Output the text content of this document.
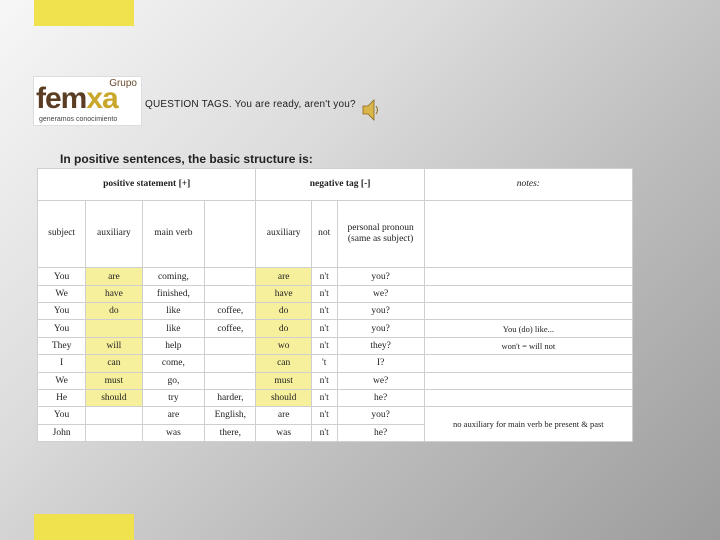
Grupo
femxa
generamos conocimiento
QUESTION TAGS. You are ready, aren't you?
In positive sentences, the basic structure is:
positive statement [+]				negative tag [-]			notes:
subject	auxiliary	main verb		auxiliary	not	personal pronoun (same as subject)	
You	are	coming,		are	n't	you?	
We	have	finished,		have	n't	we?	
You	do	like	coffee,	do	n't	you?	
You		like	coffee,	do	n't	you?	You (do) like...
They	will	help		wo	n't	they?	won't = will not
I	can	come,		can	't	I?	
We	must	go,		must	n't	we?	
He	should	try	harder,	should	n't	he?	
You		are	English,	are	n't	you?	no auxiliary for main verb be present & past
John		was	there,	was	n't	he?	
